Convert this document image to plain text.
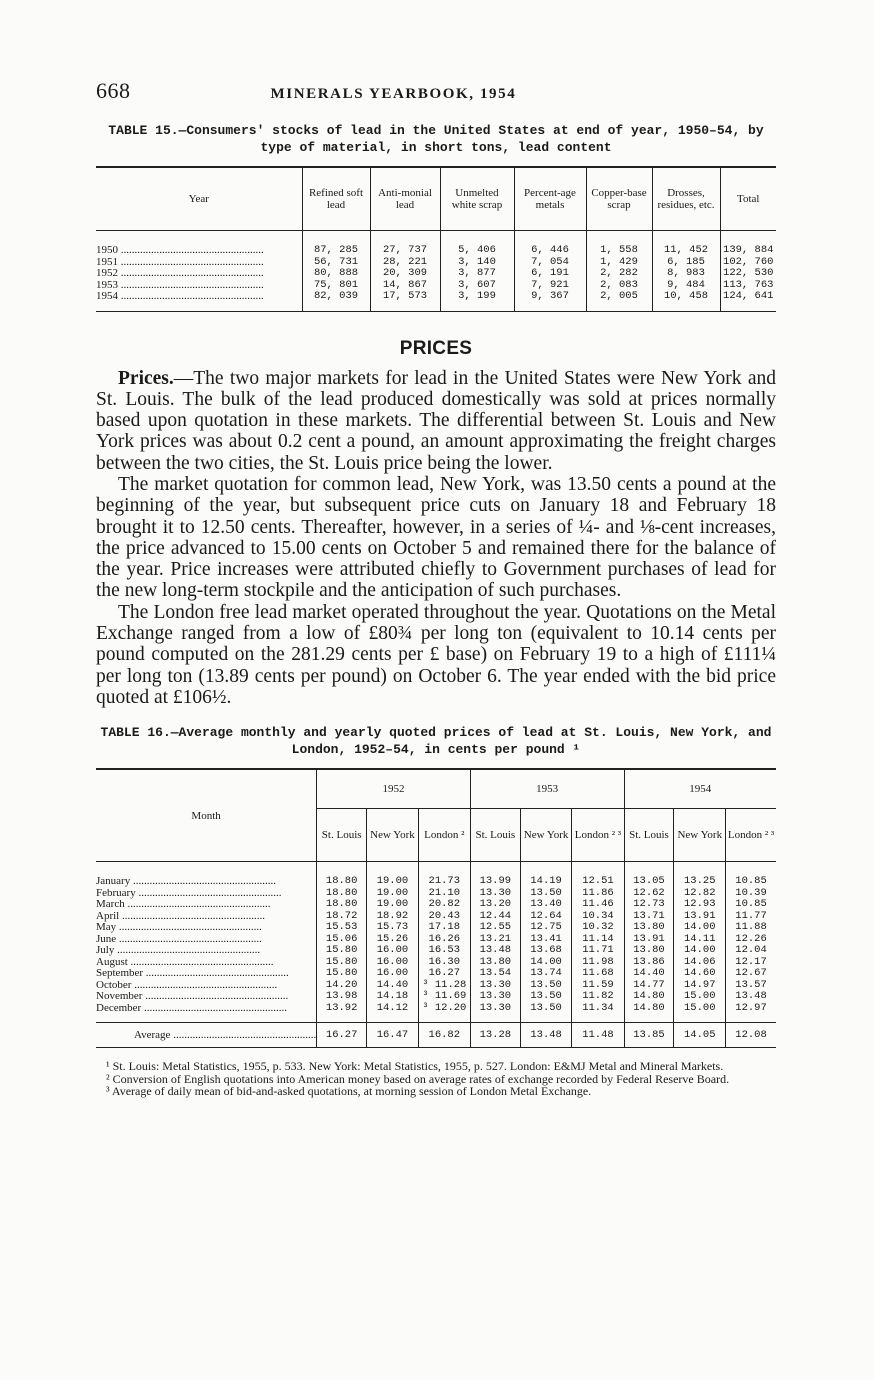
668	MINERALS YEARBOOK, 1954
TABLE 15.—Consumers' stocks of lead in the United States at end of year, 1950–54, by type of material, in short tons, lead content
Year	Refined soft lead	Anti-monial lead	Unmelted white scrap	Percent-age metals	Copper-base scrap	Drosses, residues, etc.	Total

1950 .....	87, 285	27, 737	5, 406	6, 446	1, 558	11, 452	139, 884
1951 .....	56, 731	28, 221	3, 140	7, 054	1, 429	6, 185	102, 760
1952 .....	80, 888	20, 309	3, 877	6, 191	2, 282	8, 983	122, 530
1953 .....	75, 801	14, 867	3, 607	7, 921	2, 083	9, 484	113, 763
1954 .....	82, 039	17, 573	3, 199	9, 367	2, 005	10, 458	124, 641

PRICES

Prices.—The two major markets for lead in the United States were New York and St. Louis. The bulk of the lead produced domestically was sold at prices normally based upon quotation in these markets. The differential between St. Louis and New York prices was about 0.2 cent a pound, an amount approximating the freight charges between the two cities, the St. Louis price being the lower.

The market quotation for common lead, New York, was 13.50 cents a pound at the beginning of the year, but subsequent price cuts on January 18 and February 18 brought it to 12.50 cents. Thereafter, however, in a series of ¼- and ⅛-cent increases, the price advanced to 15.00 cents on October 5 and remained there for the balance of the year. Price increases were attributed chiefly to Government purchases of lead for the new long-term stockpile and the anticipation of such purchases.

The London free lead market operated throughout the year. Quotations on the Metal Exchange ranged from a low of £80¾ per long ton (equivalent to 10.14 cents per pound computed on the 281.29 cents per £ base) on February 19 to a high of £111¼ per long ton (13.89 cents per pound) on October 6. The year ended with the bid price quoted at £106½.

TABLE 16.—Average monthly and yearly quoted prices of lead at St. Louis, New York, and London, 1952–54, in cents per pound ¹
Month	1952			1953			1954		
	St. Louis	New York	London ²	St. Louis	New York	London ² ³	St. Louis	New York	London ² ³

January .....	18.80	19.00	21.73	13.99	14.19	12.51	13.05	13.25	10.85
February .....	18.80	19.00	21.10	13.30	13.50	11.86	12.62	12.82	10.39
March .....	18.80	19.00	20.82	13.20	13.40	11.46	12.73	12.93	10.85
April .....	18.72	18.92	20.43	12.44	12.64	10.34	13.71	13.91	11.77
May .....	15.53	15.73	17.18	12.55	12.75	10.32	13.80	14.00	11.88
June .....	15.06	15.26	16.26	13.21	13.41	11.14	13.91	14.11	12.26
July .....	15.80	16.00	16.53	13.48	13.68	11.71	13.80	14.00	12.04
August .....	15.80	16.00	16.30	13.80	14.00	11.98	13.86	14.06	12.17
September .....	15.80	16.00	16.27	13.54	13.74	11.68	14.40	14.60	12.67
October .....	14.20	14.40	³ 11.28	13.30	13.50	11.59	14.77	14.97	13.57
November .....	13.98	14.18	³ 11.69	13.30	13.50	11.82	14.80	15.00	13.48
December .....	13.92	14.12	³ 12.20	13.30	13.50	11.34	14.80	15.00	12.97

Average .....	16.27	16.47	16.82	13.28	13.48	11.48	13.85	14.05	12.08
¹ St. Louis: Metal Statistics, 1955, p. 533. New York: Metal Statistics, 1955, p. 527. London: E&MJ Metal and Mineral Markets.
² Conversion of English quotations into American money based on average rates of exchange recorded by Federal Reserve Board.
³ Average of daily mean of bid-and-asked quotations, at morning session of London Metal Exchange.
